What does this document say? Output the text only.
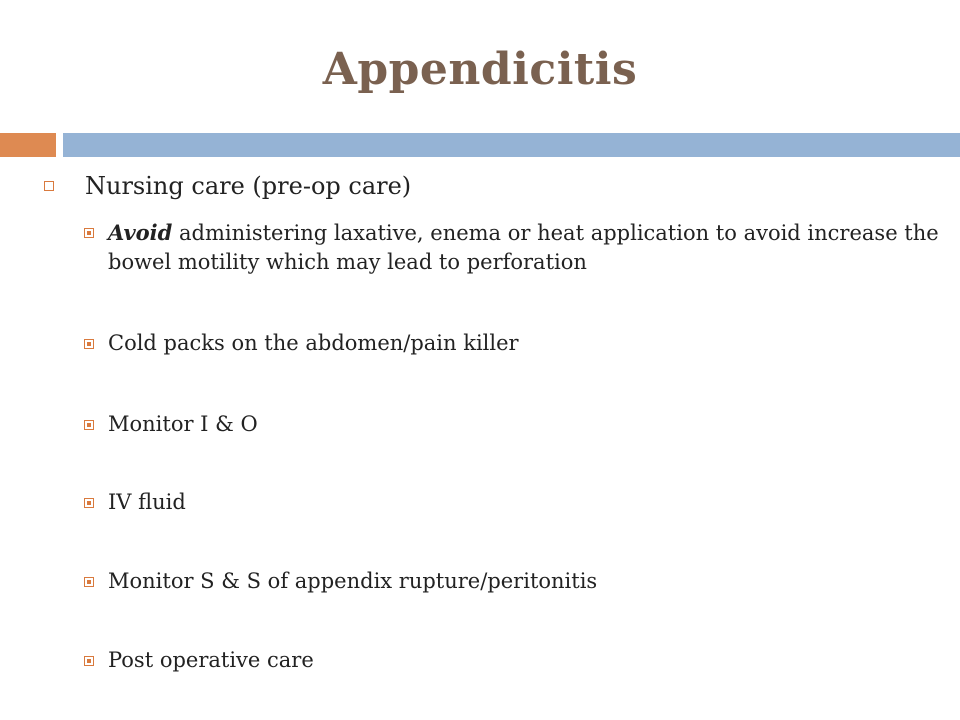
Appendicitis
Nursing care (pre-op care)
Avoid administering laxative, enema or heat application to avoid increase the bowel motility which may lead to perforation
Cold packs on the abdomen/pain killer
Monitor I & O
IV fluid
Monitor S & S of appendix rupture/peritonitis
Post operative care
